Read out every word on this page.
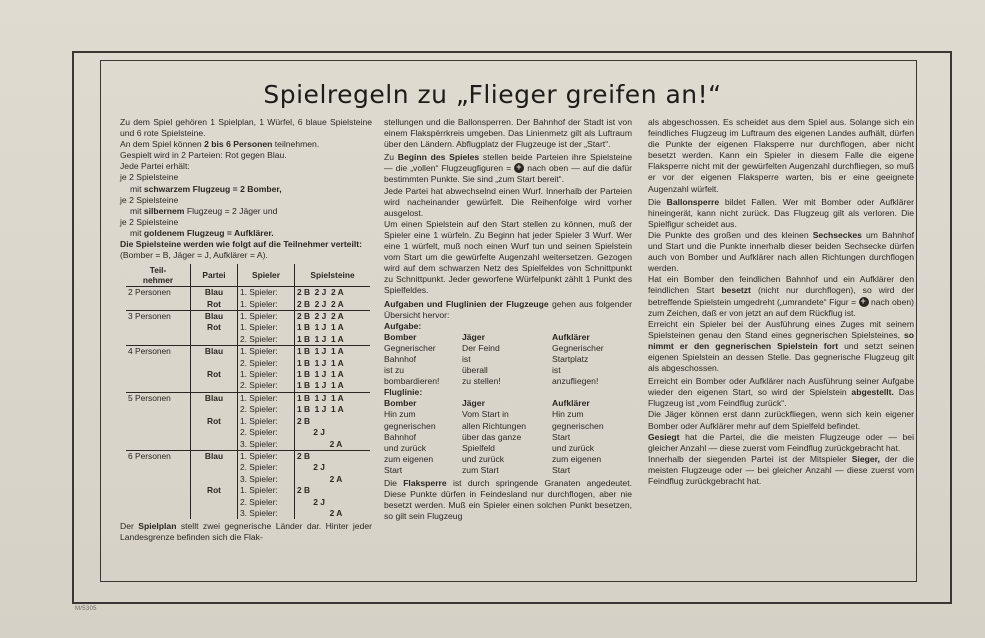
Spielregeln zu „Flieger greifen an!“

Zu dem Spiel gehören 1 Spielplan, 1 Würfel, 6 blaue Spielsteine und 6 rote Spielsteine.

An dem Spiel können 2 bis 6 Personen teilnehmen.

Gespielt wird in 2 Parteien: Rot gegen Blau.

Jede Partei erhält:

je 2 Spielsteine

mit schwarzem Flugzeug = 2 Bomber,

je 2 Spielsteine

mit silbernem Flugzeug = 2 Jäger und

je 2 Spielsteine

mit goldenem Flugzeug = Aufklärer.

Die Spielsteine werden wie folgt auf die Teilnehmer verteilt:

(Bomber = B, Jäger = J, Aufklärer = A).

Teil-
nehmer	Partei	Spieler	Spielsteine
2 Personen	Blau	1. Spieler:	2 B  2 J  2 A
	Rot	1. Spieler:	2 B  2 J  2 A
3 Personen	Blau	1. Spieler:	2 B  2 J  2 A
	Rot	1. Spieler:	1 B  1 J  1 A
		2. Spieler:	1 B  1 J  1 A
4 Personen	Blau	1. Spieler:	1 B  1 J  1 A
		2. Spieler:	1 B  1 J  1 A
	Rot	1. Spieler:	1 B  1 J  1 A
		2. Spieler:	1 B  1 J  1 A
5 Personen	Blau	1. Spieler:	1 B  1 J  1 A
		2. Spieler:	1 B  1 J  1 A
	Rot	1. Spieler:	2 B
		2. Spieler:	2 J
		3. Spieler:	2 A
6 Personen	Blau	1. Spieler:	2 B
		2. Spieler:	2 J
		3. Spieler:	2 A
	Rot	1. Spieler:	2 B
		2. Spieler:	2 J
		3. Spieler:	2 A

Der Spielplan stellt zwei gegnerische Länder dar. Hinter jeder Landesgrenze befinden sich die Flak-

stellungen und die Ballonsperren. Der Bahnhof der Stadt ist von einem Flakspërrkreis umgeben. Das Linienmetz gilt als Luftraum über den Ländern. Abflugplatz der Flugzeuge ist der „Start“.

Zu Beginn des Spieles stellen beide Parteien ihre Spielsteine — die „vollen“ Flugzeugfiguren = + nach oben — auf die dafür bestimmten Punkte. Sie sind „zum Start bereit“.

Jede Partei hat abwechselnd einen Wurf. Innerhalb der Parteien wird nacheinander gewürfelt. Die Reihenfolge wird vorher ausgelost.

Um einen Spielstein auf den Start stellen zu können, muß der Spieler eine 1 würfeln. Zu Beginn hat jeder Spieler 3 Wurf. Wer eine 1 würfelt, muß noch einen Wurf tun und seinen Spielstein vom Start um die gewürfelte Augenzahl weitersetzen. Gezogen wird auf dem schwarzen Netz des Spielfeldes von Schnittpunkt zu Schnittpunkt. Jeder geworfene Würfelpunkt zählt 1 Punkt des Spielfeldes.

Aufgaben und Fluglinien der Flugzeuge gehen aus folgender Übersicht hervor:

Aufgabe:

Bomber	Jäger	Aufklärer
Gegnerischer	Der Feind	Gegnerischer
Bahnhof	ist	Startplatz
ist zu	überall	ist
bombardieren!	zu stellen!	anzufliegen!

Fluglinie:

Bomber	Jäger	Aufklärer
Hin zum	Vom Start in	Hin zum
gegnerischen	allen Richtungen	gegnerischen
Bahnhof	über das ganze	Start
und zurück	Spielfeld	und zurück
zum eigenen	und zurück	zum eigenen
Start	zum Start	Start

Die Flaksperre ist durch springende Granaten angedeutet. Diese Punkte dürfen in Feindesland nur durchflogen, aber nie besetzt werden. Muß ein Spieler einen solchen Punkt besetzen, so gilt sein Flugzeug

als abgeschossen. Es scheidet aus dem Spiel aus. Solange sich ein feindliches Flugzeug im Luftraum des eigenen Landes aufhält, dürfen die Punkte der eigenen Flaksperre nur durchflogen, aber nicht besetzt werden. Kann ein Spieler in diesem Falle die eigene Flaksperre nicht mit der gewürfelten Augenzahl durchfliegen, so muß er vor der eigenen Flaksperre warten, bis er eine geeignete Augenzahl würfelt.

Die Ballonsperre bildet Fallen. Wer mit Bomber oder Aufklärer hineingerät, kann nicht zurück. Das Flugzeug gilt als verloren. Die Spielfigur scheidet aus.

Die Punkte des großen und des kleinen Sechseckes um Bahnhof und Start und die Punkte innerhalb dieser beiden Sechsecke dürfen auch von Bomber und Aufklärer nach allen Richtungen durchflogen werden.

Hat ein Bomber den feindlichen Bahnhof und ein Aufklärer den feindlichen Start besetzt (nicht nur durchflogen), so wird der betreffende Spielstein umgedreht („umrandete“ Figur = + nach oben) zum Zeichen, daß er von jetzt an auf dem Rückflug ist.

Erreicht ein Spieler bei der Ausführung eines Zuges mit seinem Spielsteinen genau den Stand eines gegnerischen Spielsteines, so nimmt er den gegnerischen Spielstein fort und setzt seinen eigenen Spielstein an dessen Stelle. Das gegnerische Flugzeug gilt als abgeschossen.

Erreicht ein Bomber oder Aufklärer nach Ausführung seiner Aufgabe wieder den eigenen Start, so wird der Spielstein abgestellt. Das Flugzeug ist „vom Feindflug zurück“.

Die Jäger können erst dann zurückfliegen, wenn sich kein eigener Bomber oder Aufklärer mehr auf dem Spielfeld befindet.

Gesiegt hat die Partei, die die meisten Flugzeuge oder — bei gleicher Anzahl — diese zuerst vom Feindflug zurückgebracht hat.

Innerhalb der siegenden Partei ist der Mitspieler Sieger, der die meisten Flugzeuge oder — bei gleicher Anzahl — diese zuerst vom Feindflug zurückgebracht hat.

M/5305
